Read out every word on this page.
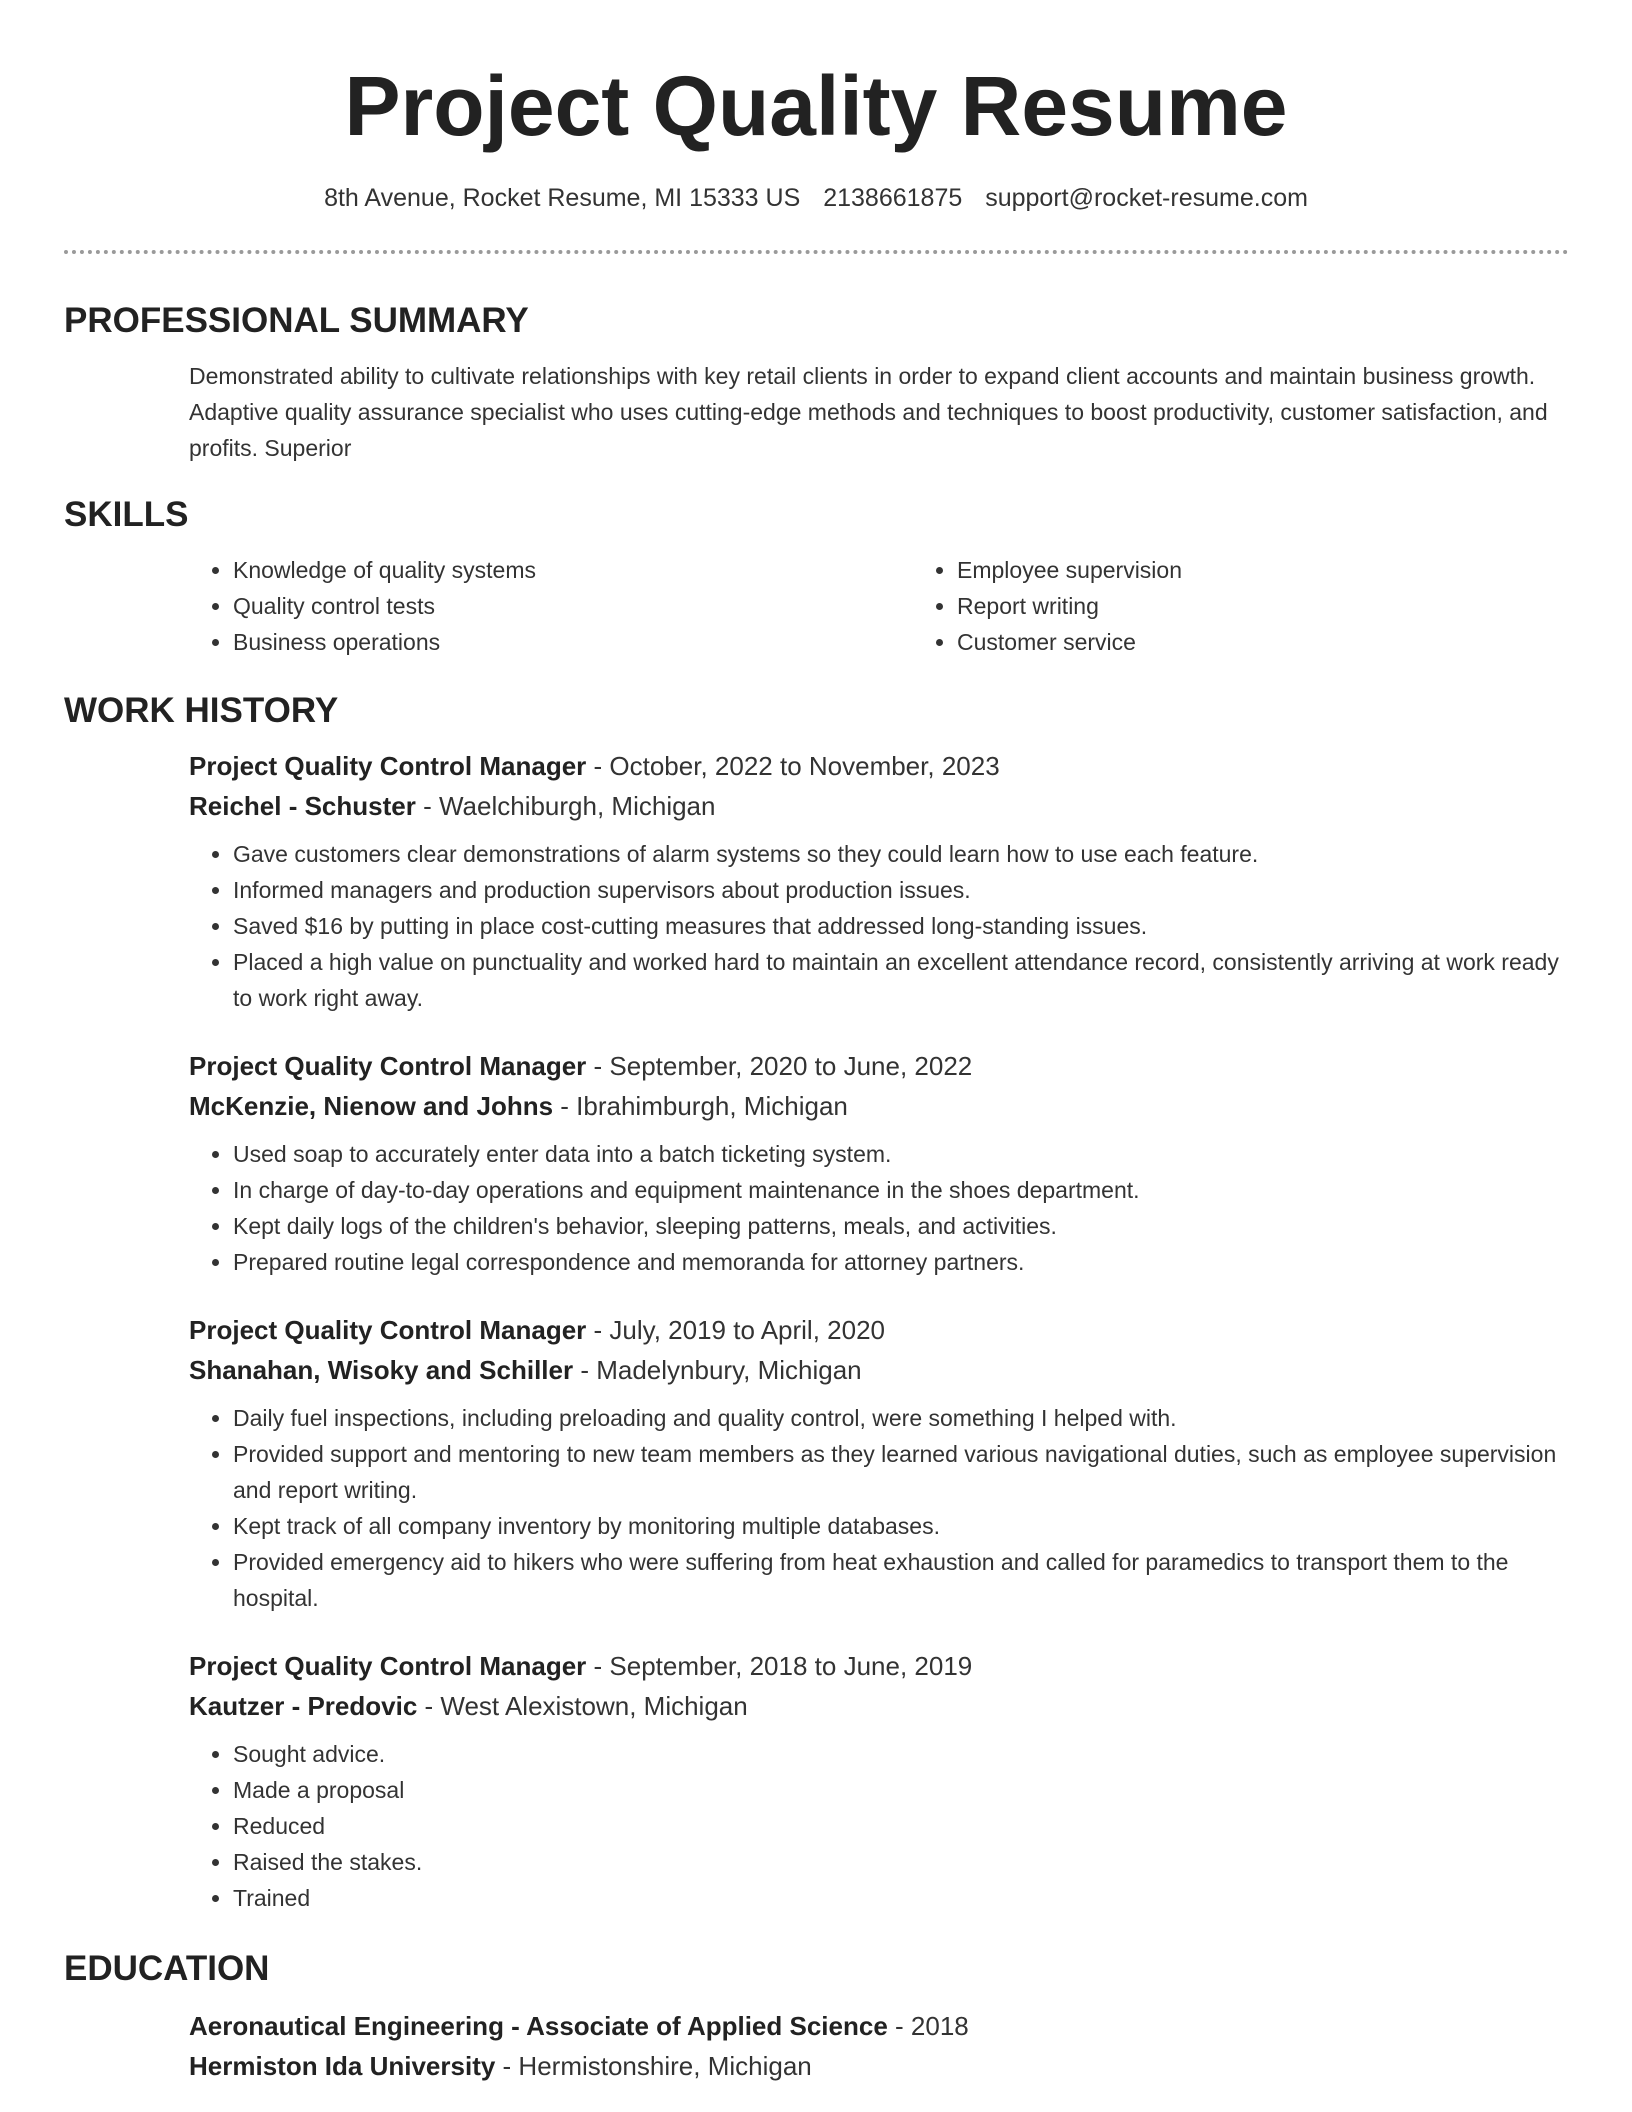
Project Quality Resume
8th Avenue, Rocket Resume, MI 15333 US 2138661875 support@rocket-resume.com
PROFESSIONAL SUMMARY

Demonstrated ability to cultivate relationships with key retail clients in order to expand client accounts and maintain business growth. Adaptive quality assurance specialist who uses cutting-edge methods and techniques to boost productivity, customer satisfaction, and profits. Superior

SKILLS
• Knowledge of quality systems
• Quality control tests
• Business operations
• Employee supervision
• Report writing
• Customer service
WORK HISTORY
Project Quality Control Manager - October, 2022 to November, 2023
Reichel - Schuster - Waelchiburgh, Michigan
• Gave customers clear demonstrations of alarm systems so they could learn how to use each feature.
• Informed managers and production supervisors about production issues.
• Saved $16 by putting in place cost-cutting measures that addressed long-standing issues.
• Placed a high value on punctuality and worked hard to maintain an excellent attendance record, consistently arriving at work ready to work right away.
Project Quality Control Manager - September, 2020 to June, 2022
McKenzie, Nienow and Johns - Ibrahimburgh, Michigan
• Used soap to accurately enter data into a batch ticketing system.
• In charge of day-to-day operations and equipment maintenance in the shoes department.
• Kept daily logs of the children's behavior, sleeping patterns, meals, and activities.
• Prepared routine legal correspondence and memoranda for attorney partners.
Project Quality Control Manager - July, 2019 to April, 2020
Shanahan, Wisoky and Schiller - Madelynbury, Michigan
• Daily fuel inspections, including preloading and quality control, were something I helped with.
• Provided support and mentoring to new team members as they learned various navigational duties, such as employee supervision and report writing.
• Kept track of all company inventory by monitoring multiple databases.
• Provided emergency aid to hikers who were suffering from heat exhaustion and called for paramedics to transport them to the hospital.
Project Quality Control Manager - September, 2018 to June, 2019
Kautzer - Predovic - West Alexistown, Michigan
• Sought advice.
• Made a proposal
• Reduced
• Raised the stakes.
• Trained
EDUCATION
Aeronautical Engineering - Associate of Applied Science - 2018
Hermiston Ida University - Hermistonshire, Michigan
